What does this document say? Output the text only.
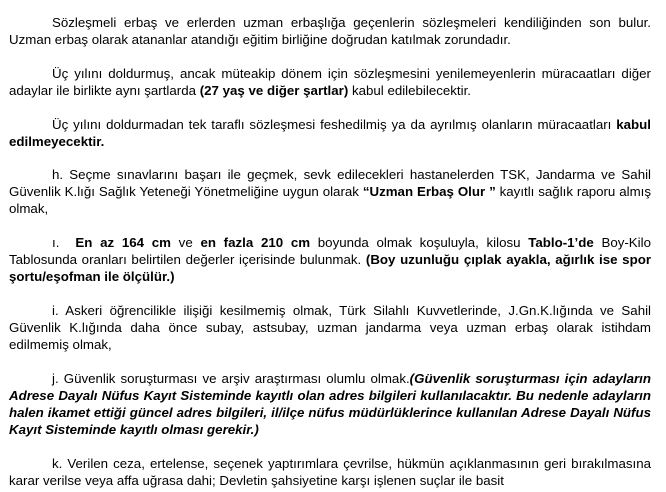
Sözleşmeli erbaş ve erlerden uzman erbaşlığa geçenlerin sözleşmeleri kendiliğinden son bulur. Uzman erbaş olarak atananlar atandığı eğitim birliğine doğrudan katılmak zorundadır.

Üç yılını doldurmuş, ancak müteakip dönem için sözleşmesini yenilemeyenlerin müracaatları diğer adaylar ile birlikte aynı şartlarda (27 yaş ve diğer şartlar) kabul edilebilecektir.

Üç yılını doldurmadan tek taraflı sözleşmesi feshedilmiş ya da ayrılmış olanların müracaatları kabul edilmeyecektir.

h. Seçme sınavlarını başarı ile geçmek, sevk edilecekleri hastanelerden TSK, Jandarma ve Sahil Güvenlik K.lığı Sağlık Yeteneği Yönetmeliğine uygun olarak “Uzman Erbaş Olur ” kayıtlı sağlık raporu almış olmak,

ı. En az 164 cm ve en fazla 210 cm boyunda olmak koşuluyla, kilosu Tablo-1’de Boy-Kilo Tablosunda oranları belirtilen değerler içerisinde bulunmak. (Boy uzunluğu çıplak ayakla, ağırlık ise spor şortu/eşofman ile ölçülür.)

i. Askeri öğrencilikle ilişiği kesilmemiş olmak, Türk Silahlı Kuvvetlerinde, J.Gn.K.lığında ve Sahil Güvenlik K.lığında daha önce subay, astsubay, uzman jandarma veya uzman erbaş olarak istihdam edilmemiş olmak,

j. Güvenlik soruşturması ve arşiv araştırması olumlu olmak.(Güvenlik soruşturması için adayların Adrese Dayalı Nüfus Kayıt Sisteminde kayıtlı olan adres bilgileri kullanılacaktır. Bu nedenle adayların halen ikamet ettiği güncel adres bilgileri, il/ilçe nüfus müdürlüklerince kullanılan Adrese Dayalı Nüfus Kayıt Sisteminde kayıtlı olması gerekir.)

k. Verilen ceza, ertelense, seçenek yaptırımlara çevrilse, hükmün açıklanmasının geri bırakılmasına karar verilse veya affa uğrasa dahi; Devletin şahsiyetine karşı işlenen suçlar ile basit
